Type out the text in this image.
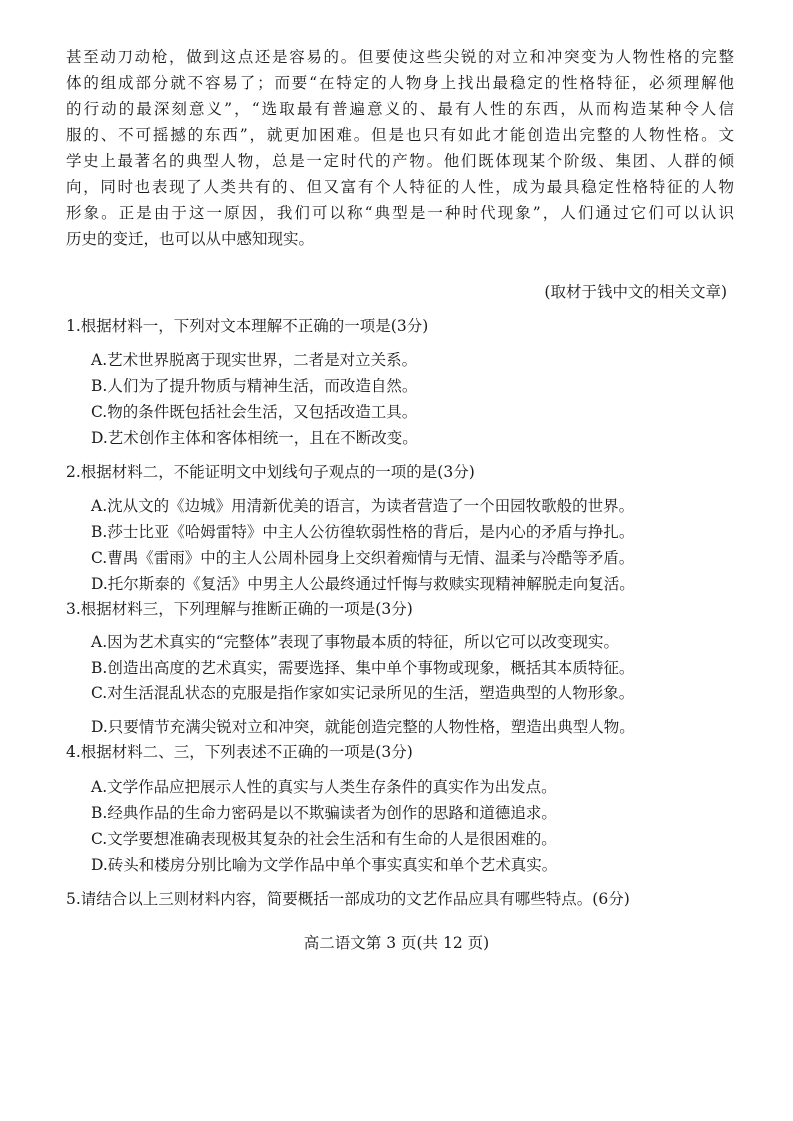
甚至动刀动枪，做到这点还是容易的。但要使这些尖锐的对立和冲突变为人物性格的完整
体的组成部分就不容易了；而要“在特定的人物身上找出最稳定的性格特征，必须理解他
的行动的最深刻意义”，“选取最有普遍意义的、最有人性的东西，从而构造某种令人信
服的、不可摇撼的东西”，就更加困难。但是也只有如此才能创造出完整的人物性格。文
学史上最著名的典型人物，总是一定时代的产物。他们既体现某个阶级、集团、人群的倾
向，同时也表现了人类共有的、但又富有个人特征的人性，成为最具稳定性格特征的人物
形象。正是由于这一原因，我们可以称“典型是一种时代现象”，人们通过它们可以认识
历史的变迁，也可以从中感知现实。
(取材于钱中文的相关文章)
1.根据材料一，下列对文本理解不正确的一项是(3分)
A.艺术世界脱离于现实世界，二者是对立关系。
B.人们为了提升物质与精神生活，而改造自然。
C.物的条件既包括社会生活，又包括改造工具。
D.艺术创作主体和客体相统一，且在不断改变。
2.根据材料二，不能证明文中划线句子观点的一项的是(3分)
A.沈从文的《边城》用清新优美的语言，为读者营造了一个田园牧歌般的世界。
B.莎士比亚《哈姆雷特》中主人公彷徨软弱性格的背后，是内心的矛盾与挣扎。
C.曹禺《雷雨》中的主人公周朴园身上交织着痴情与无情、温柔与冷酷等矛盾。
D.托尔斯泰的《复活》中男主人公最终通过忏悔与救赎实现精神解脱走向复活。
3.根据材料三，下列理解与推断正确的一项是(3分)
A.因为艺术真实的“完整体”表现了事物最本质的特征，所以它可以改变现实。
B.创造出高度的艺术真实，需要选择、集中单个事物或现象，概括其本质特征。
C.对生活混乱状态的克服是指作家如实记录所见的生活，塑造典型的人物形象。
D.只要情节充满尖锐对立和冲突，就能创造完整的人物性格，塑造出典型人物。
4.根据材料二、三，下列表述不正确的一项是(3分)
A.文学作品应把展示人性的真实与人类生存条件的真实作为出发点。
B.经典作品的生命力密码是以不欺骗读者为创作的思路和道德追求。
C.文学要想准确表现极其复杂的社会生活和有生命的人是很困难的。
D.砖头和楼房分别比喻为文学作品中单个事实真实和单个艺术真实。
5.请结合以上三则材料内容，简要概括一部成功的文艺作品应具有哪些特点。(6分)
高二语文第 3 页(共 12 页)
